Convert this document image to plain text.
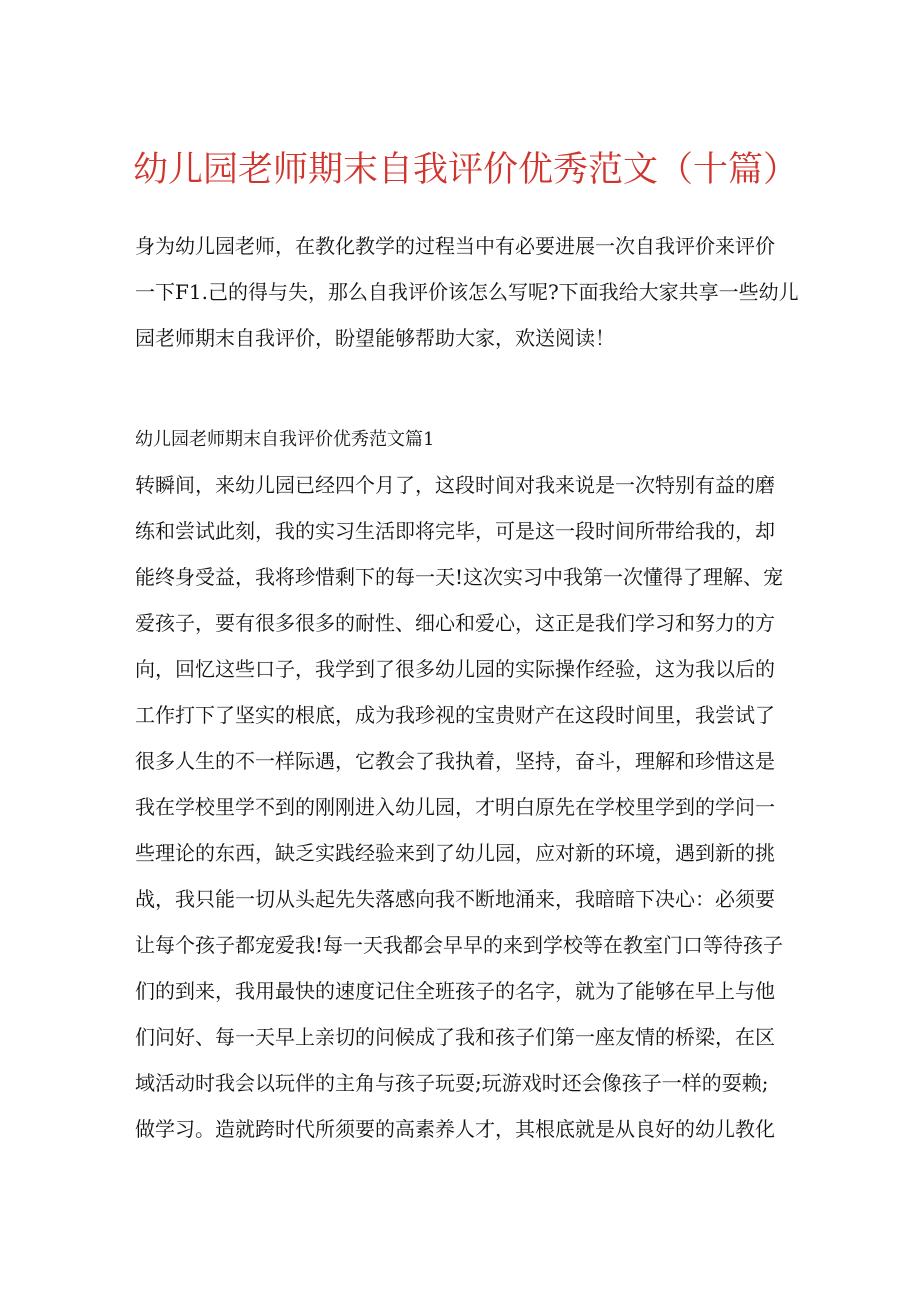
幼儿园老师期末自我评价优秀范文（十篇）
身为幼儿园老师，在教化教学的过程当中有必要进展一次自我评价来评价
一下F1.己的得与失，那么自我评价该怎么写呢?下面我给大家共享一些幼儿
园老师期末自我评价，盼望能够帮助大家，欢送阅读！
幼儿园老师期末自我评价优秀范文篇1
转瞬间，来幼儿园已经四个月了，这段时间对我来说是一次特别有益的磨
练和尝试此刻，我的实习生活即将完毕，可是这一段时间所带给我的，却
能终身受益，我将珍惜剩下的每一天!这次实习中我第一次懂得了理解、宠
爱孩子，要有很多很多的耐性、细心和爱心，这正是我们学习和努力的方
向，回忆这些口子，我学到了很多幼儿园的实际操作经验，这为我以后的
工作打下了坚实的根底，成为我珍视的宝贵财产在这段时间里，我尝试了
很多人生的不一样际遇，它教会了我执着，坚持，奋斗，理解和珍惜这是
我在学校里学不到的刚刚进入幼儿园，才明白原先在学校里学到的学问一
些理论的东西，缺乏实践经验来到了幼儿园，应对新的环境，遇到新的挑
战，我只能一切从头起先失落感向我不断地涌来，我暗暗下决心：必须要
让每个孩子都宠爱我!每一天我都会早早的来到学校等在教室门口等待孩子
们的到来，我用最快的速度记住全班孩子的名字，就为了能够在早上与他
们问好、每一天早上亲切的问候成了我和孩子们第一座友情的桥梁，在区
域活动时我会以玩伴的主角与孩子玩耍;玩游戏时还会像孩子一样的耍赖;
做学习。造就跨时代所须要的高素养人才，其根底就是从良好的幼儿教化
